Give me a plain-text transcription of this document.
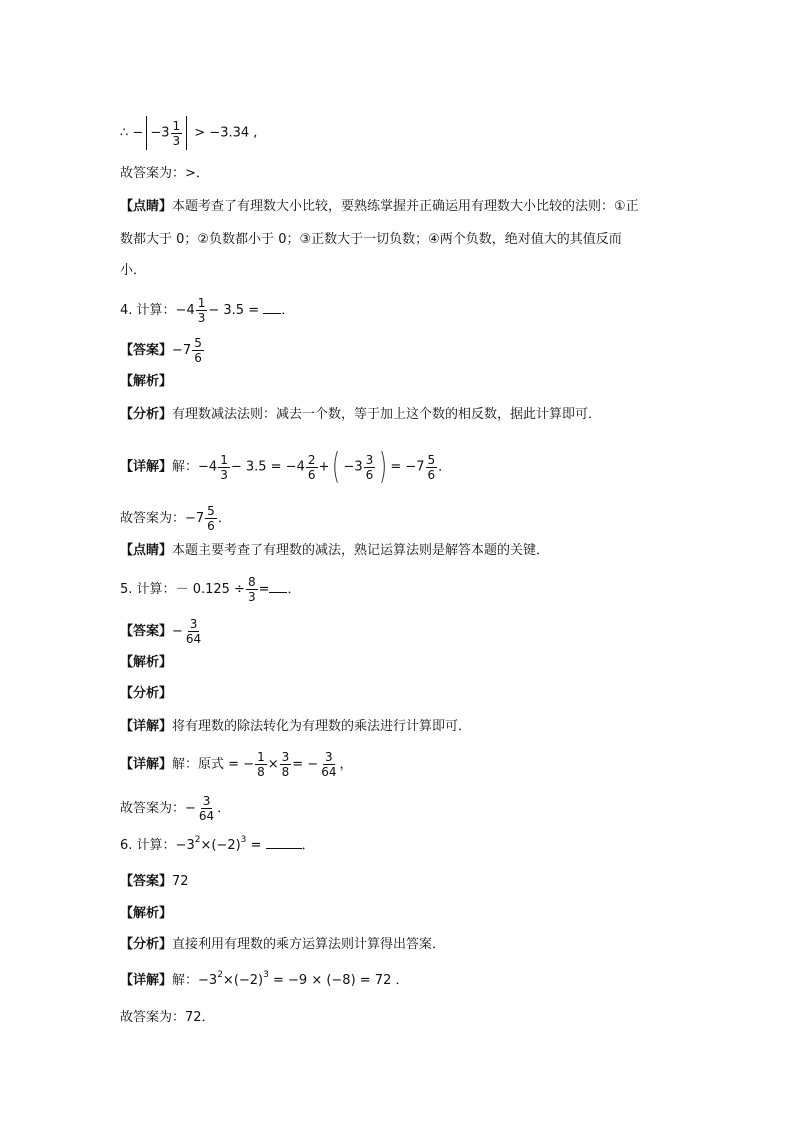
∴ − $-3 \frac{1}{3} > -3.34$ ,
故答案为：>．
【点睛】本题考查了有理数大小比较，要熟练掌握并正确运用有理数大小比较的法则：①正
数都大于 0；②负数都小于 0；③正数大于一切负数；④两个负数，绝对值大的其值反而
小．
4. 计算：$-4 \frac{1}{3} - 3.5$ = ．
【答案】$-7 \frac{5}{6}$
【解析】
【分析】有理数减法法则：减去一个数，等于加上这个数的相反数，据此计算即可．
【详解】解：$-4 \frac{1}{3} - 3.5 = -4 \frac{2}{6}$ +( $-3 \frac{3}{6}$ ) = $-7 \frac{5}{6}$ ．
故答案为：$-7 \frac{5}{6}$ ．
【点睛】本题主要考查了有理数的减法，熟记运算法则是解答本题的关键．
5. 计算：－ $0.125 \div \frac{8}{3}$ = ．
【答案】− $\frac{3}{64}$
【解析】
【分析】
【详解】将有理数的除法转化为有理数的乘法进行计算即可．
【详解】解：原式 = − $\frac{1}{8} \times \frac{3}{8}$ = − $\frac{3}{64}$ ，
故答案为：− $\frac{3}{64}$ ．
6. 计算：$-3^2\times(-2)^3$ =	．
【答案】72
【解析】
【分析】直接利用有理数的乘方运算法则计算得出答案．
【详解】解：$-3^2\times(-2)^3 = -9 \times (-8) = 72$ ．
故答案为：72．
